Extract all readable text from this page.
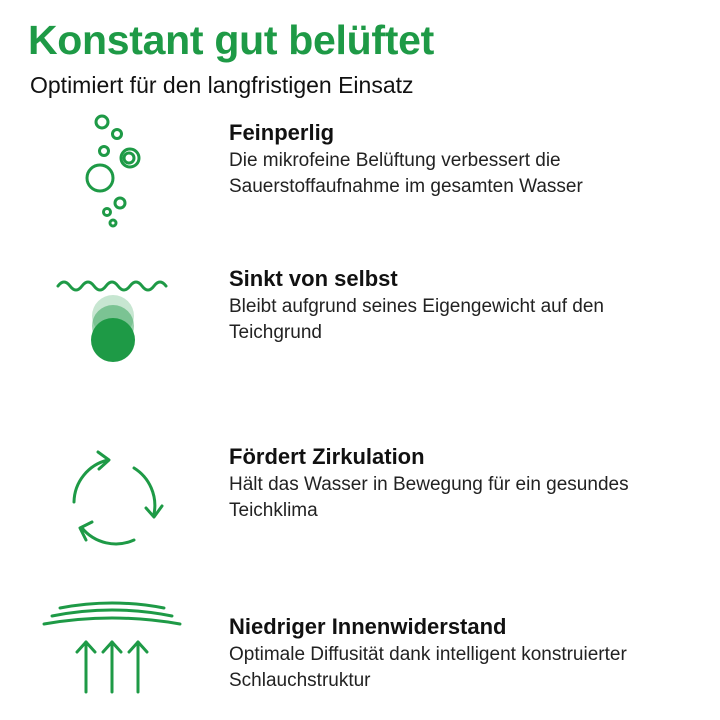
Konstant gut belüftet
Optimiert für den langfristigen Einsatz
Feinperlig
Die mikrofeine Belüftung verbessert die
Sauerstoffaufnahme im gesamten Wasser
Sinkt von selbst
Bleibt aufgrund seines Eigengewicht auf den
Teichgrund
Fördert Zirkulation
Hält das Wasser in Bewegung für ein gesundes
Teichklima
Niedriger Innenwiderstand
Optimale Diffusität dank intelligent konstruierter
Schlauchstruktur
